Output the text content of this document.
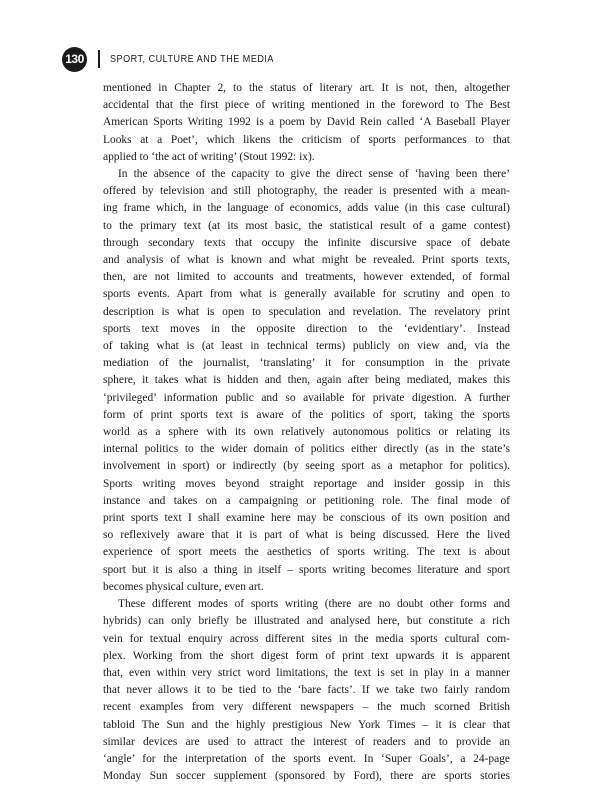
130 SPORT, CULTURE AND THE MEDIA

mentioned in Chapter 2, to the status of literary art. It is not, then, altogether

accidental that the first piece of writing mentioned in the foreword to The Best

American Sports Writing 1992 is a poem by David Rein called ‘A Baseball Player

Looks at a Poet’, which likens the criticism of sports performances to that

applied to ‘the act of writing’ (Stout 1992: ix).

In the absence of the capacity to give the direct sense of ‘having been there’

offered by television and still photography, the reader is presented with a mean-

ing frame which, in the language of economics, adds value (in this case cultural)

to the primary text (at its most basic, the statistical result of a game contest)

through secondary texts that occupy the infinite discursive space of debate

and analysis of what is known and what might be revealed. Print sports texts,

then, are not limited to accounts and treatments, however extended, of formal

sports events. Apart from what is generally available for scrutiny and open to

description is what is open to speculation and revelation. The revelatory print

sports text moves in the opposite direction to the ‘evidentiary’. Instead

of taking what is (at least in technical terms) publicly on view and, via the

mediation of the journalist, ‘translating’ it for consumption in the private

sphere, it takes what is hidden and then, again after being mediated, makes this

‘privileged’ information public and so available for private digestion. A further

form of print sports text is aware of the politics of sport, taking the sports

world as a sphere with its own relatively autonomous politics or relating its

internal politics to the wider domain of politics either directly (as in the state’s

involvement in sport) or indirectly (by seeing sport as a metaphor for politics).

Sports writing moves beyond straight reportage and insider gossip in this

instance and takes on a campaigning or petitioning role. The final mode of

print sports text I shall examine here may be conscious of its own position and

so reflexively aware that it is part of what is being discussed. Here the lived

experience of sport meets the aesthetics of sports writing. The text is about

sport but it is also a thing in itself – sports writing becomes literature and sport

becomes physical culture, even art.

These different modes of sports writing (there are no doubt other forms and

hybrids) can only briefly be illustrated and analysed here, but constitute a rich

vein for textual enquiry across different sites in the media sports cultural com-

plex. Working from the short digest form of print text upwards it is apparent

that, even within very strict word limitations, the text is set in play in a manner

that never allows it to be tied to the ‘bare facts’. If we take two fairly random

recent examples from very different newspapers – the much scorned British

tabloid The Sun and the highly prestigious New York Times – it is clear that

similar devices are used to attract the interest of readers and to provide an

‘angle’ for the interpretation of the sports event. In ‘Super Goals’, a 24-page

Monday Sun soccer supplement (sponsored by Ford), there are sports stories
